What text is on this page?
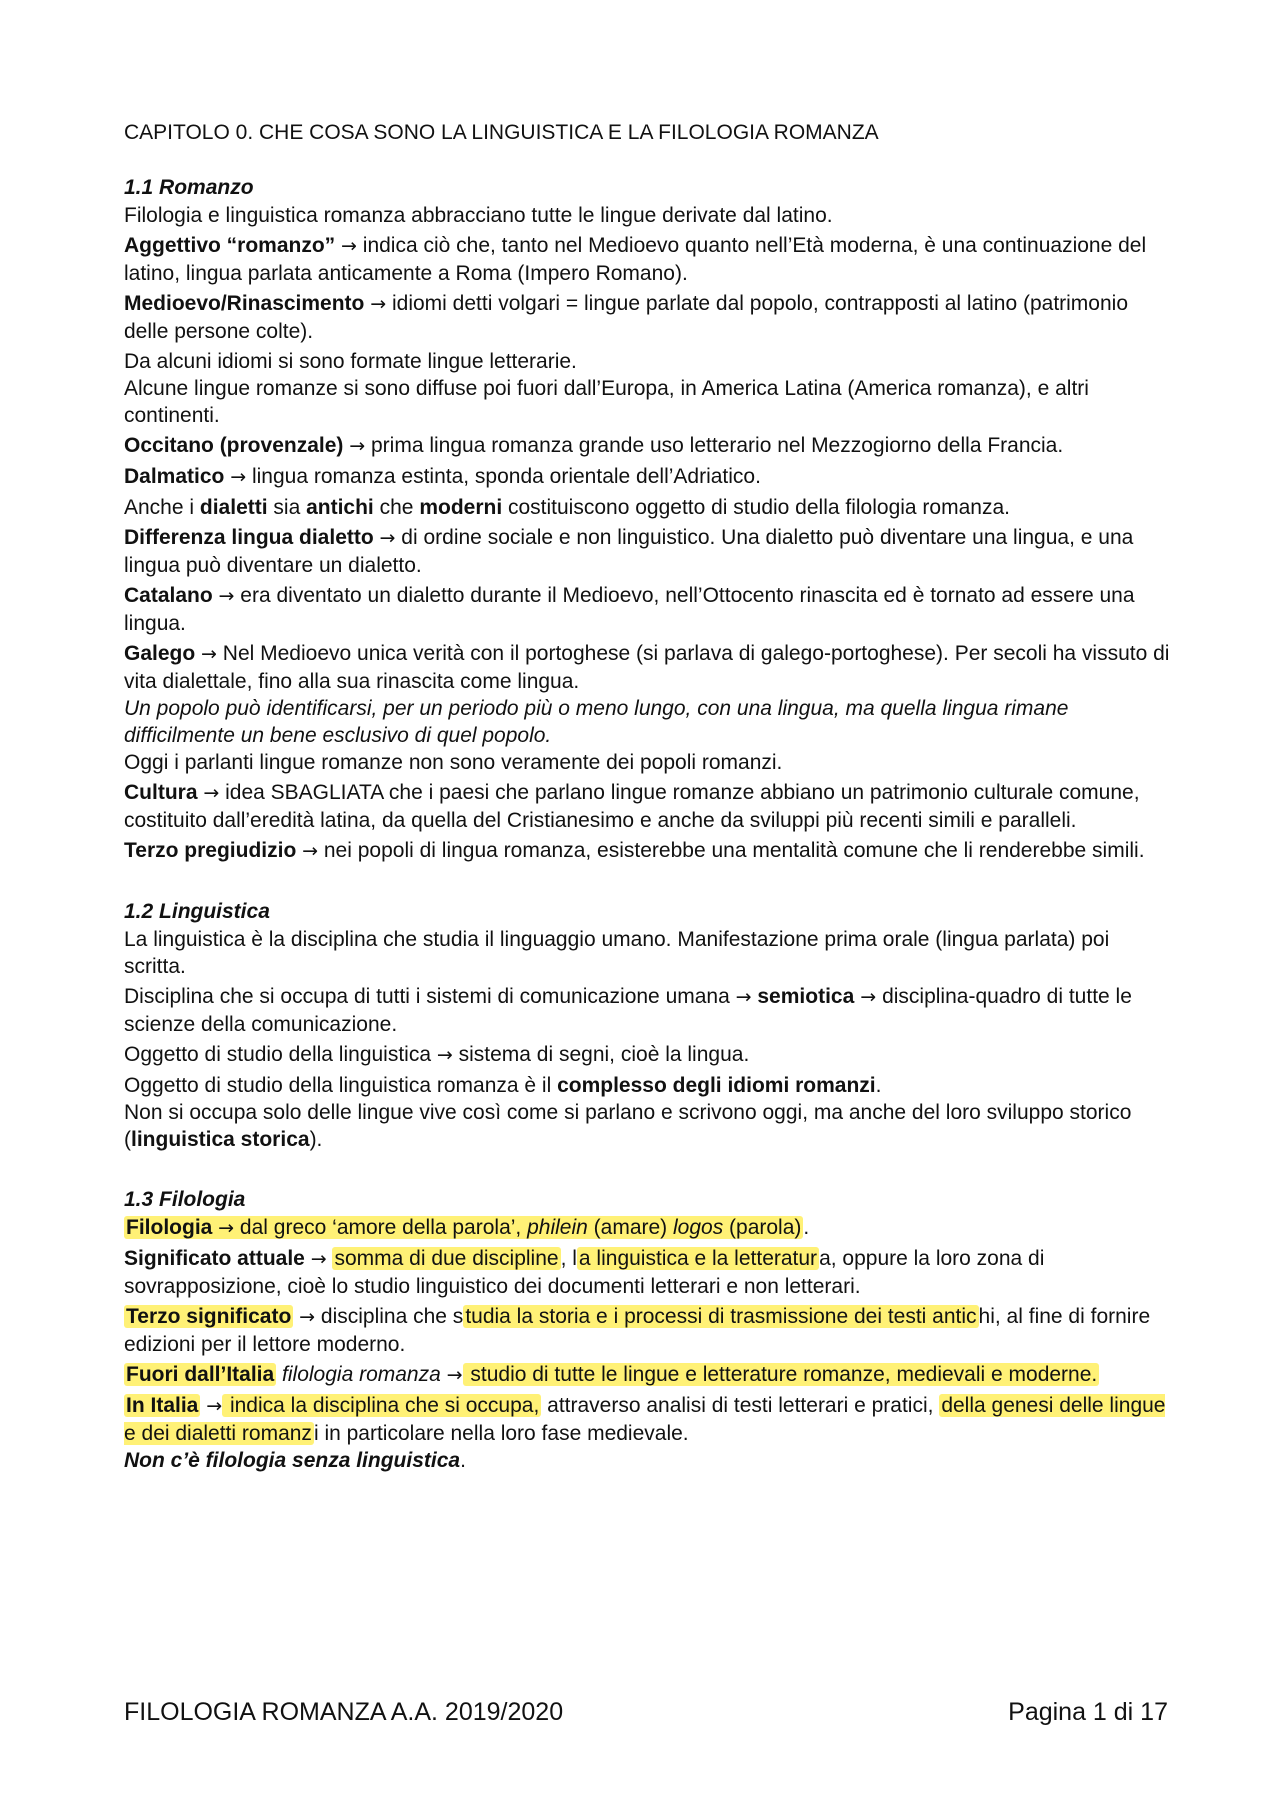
CAPITOLO 0. CHE COSA SONO LA LINGUISTICA E LA FILOLOGIA ROMANZA
1.1 Romanzo

Filologia e linguistica romanza abbracciano tutte le lingue derivate dal latino.

Aggettivo “romanzo” → indica ciò che, tanto nel Medioevo quanto nell’Età moderna, è una continuazione del latino, lingua parlata anticamente a Roma (Impero Romano).

Medioevo/Rinascimento → idiomi detti volgari = lingue parlate dal popolo, contrapposti al latino (patrimonio delle persone colte).

Da alcuni idiomi si sono formate lingue letterarie.

Alcune lingue romanze si sono diffuse poi fuori dall’Europa, in America Latina (America romanza), e altri continenti.

Occitano (provenzale) → prima lingua romanza grande uso letterario nel Mezzogiorno della Francia.

Dalmatico → lingua romanza estinta, sponda orientale dell’Adriatico.

Anche i dialetti sia antichi che moderni costituiscono oggetto di studio della filologia romanza.

Differenza lingua dialetto → di ordine sociale e non linguistico. Una dialetto può diventare una lingua, e una lingua può diventare un dialetto.

Catalano → era diventato un dialetto durante il Medioevo, nell’Ottocento rinascita ed è tornato ad essere una lingua.

Galego → Nel Medioevo unica verità con il portoghese (si parlava di galego-portoghese). Per secoli ha vissuto di vita dialettale, fino alla sua rinascita come lingua.

Un popolo può identificarsi, per un periodo più o meno lungo, con una lingua, ma quella lingua rimane difficilmente un bene esclusivo di quel popolo.

Oggi i parlanti lingue romanze non sono veramente dei popoli romanzi.

Cultura → idea SBAGLIATA che i paesi che parlano lingue romanze abbiano un patrimonio culturale comune, costituito dall’eredità latina, da quella del Cristianesimo e anche da sviluppi più recenti simili e paralleli.

Terzo pregiudizio → nei popoli di lingua romanza, esisterebbe una mentalità comune che li renderebbe simili.

1.2 Linguistica

La linguistica è la disciplina che studia il linguaggio umano. Manifestazione prima orale (lingua parlata) poi scritta.

Disciplina che si occupa di tutti i sistemi di comunicazione umana → semiotica → disciplina-quadro di tutte le scienze della comunicazione.

Oggetto di studio della linguistica → sistema di segni, cioè la lingua.

Oggetto di studio della linguistica romanza è il complesso degli idiomi romanzi.

Non si occupa solo delle lingue vive così come si parlano e scrivono oggi, ma anche del loro sviluppo storico (linguistica storica).

1.3 Filologia

Filologia → dal greco ‘amore della parola’, philein (amare) logos (parola).

Significato attuale → somma di due discipline, la linguistica e la letteratura, oppure la loro zona di sovrapposizione, cioè lo studio linguistico dei documenti letterari e non letterari.

Terzo significato → disciplina che studia la storia e i processi di trasmissione dei testi antichi, al fine di fornire edizioni per il lettore moderno.

Fuori dall’Italia filologia romanza → studio di tutte le lingue e letterature romanze, medievali e moderne.

In Italia → indica la disciplina che si occupa, attraverso analisi di testi letterari e pratici, della genesi delle lingue e dei dialetti romanzi in particolare nella loro fase medievale.

Non c’è filologia senza linguistica.

FILOLOGIA ROMANZA A.A. 2019/2020	Pagina 1 di 17
